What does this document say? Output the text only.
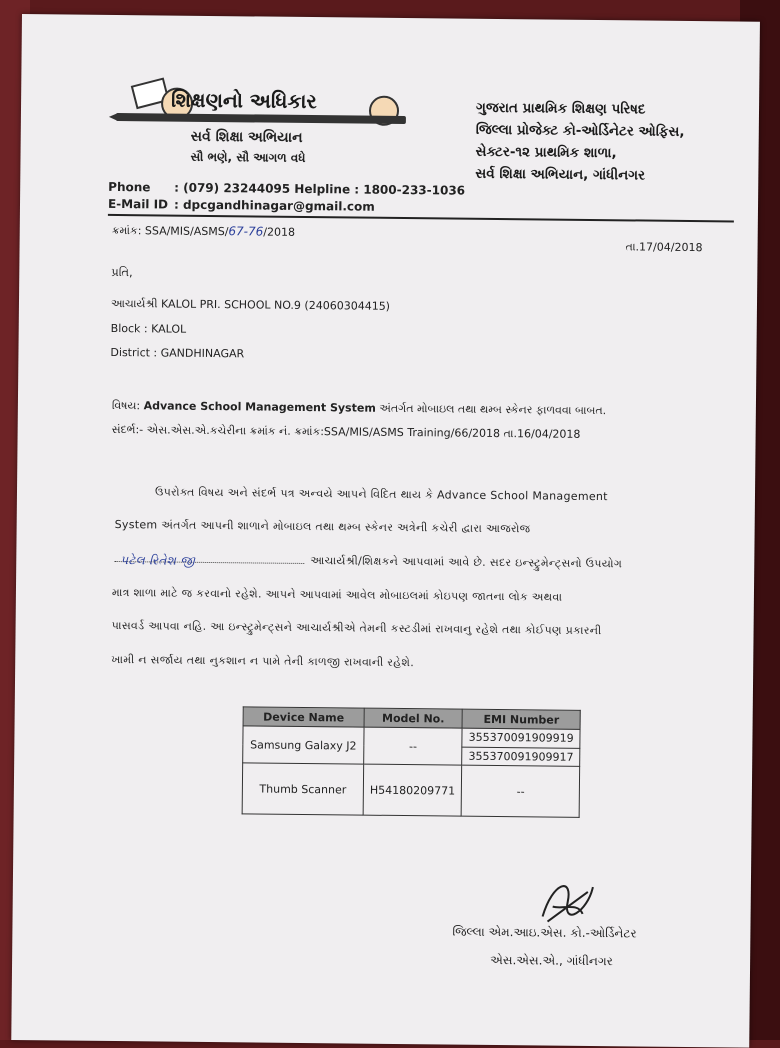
શિક્ષણનો અધિકાર
સર્વ શિક્ષા અભિયાન
સૌ ભણે, સૌ આગળ વધે
ગુજરાત પ્રાથમિક શિક્ષણ પરિષદ
જિલ્લા પ્રોજેક્ટ કો-ઓર્ડિનેટર ઓફિસ,
સેક્ટર-૧૨ પ્રાથમિક શાળા,
સર્વ શિક્ષા અભિયાન, ગાંધીનગર
Phone : (079) 23244095 Helpline : 1800-233-1036
E-Mail ID : dpcgandhinagar@gmail.com
ક્રમાંક: SSA/MIS/ASMS/67-76/2018
તા.17/04/2018
પ્રતિ,
આચાર્યશ્રી KALOL PRI. SCHOOL NO.9 (24060304415)
Block : KALOL
District : GANDHINAGAR
વિષય: Advance School Management System અંતર્ગત મોબાઇલ તથા થમ્બ સ્કેનર ફાળવવા બાબત.
સંદર્ભ:- એસ.એસ.એ.કચેરીના ક્રમાંક નં. ક્રમાંક:SSA/MIS/ASMS Training/66/2018 તા.16/04/2018
ઉપરોક્ત વિષય અને સંદર્ભ પત્ર અન્વયે આપને વિદિત થાય કે Advance School Management
System અંતર્ગત આપની શાળાને મોબાઇલ તથા થમ્બ સ્કેનર અત્રેની કચેરી દ્વારા આજરોજ
પટેલ રિતેશ જી	આચાર્યશ્રી/શિક્ષકને આપવામાં આવે છે. સદર ઇન્સ્ટ્રુમેન્ટ્સનો ઉપયોગ
માત્ર શાળા માટે જ કરવાનો રહેશે. આપને આપવામાં આવેલ મોબાઇલમાં કોઇપણ જાતના લોક અથવા
પાસવર્ડ આપવા નહિ. આ ઇન્સ્ટ્રુમેન્ટ્સને આચાર્યશ્રીએ તેમની કસ્ટડીમાં રાખવાનુ રહેશે તથા કોઈપણ પ્રકારની
ખામી ન સર્જાય તથા નુકશાન ન પામે તેની કાળજી રાખવાની રહેશે.
Device Name	Model No.	EMI Number
Samsung Galaxy J2	--	355370091909919
		355370091909917
Thumb Scanner	H54180209771	--
જિલ્લા એમ.આઇ.એસ. કો.-ઓર્ડિનેટર
એસ.એસ.એ., ગાંધીનગર
